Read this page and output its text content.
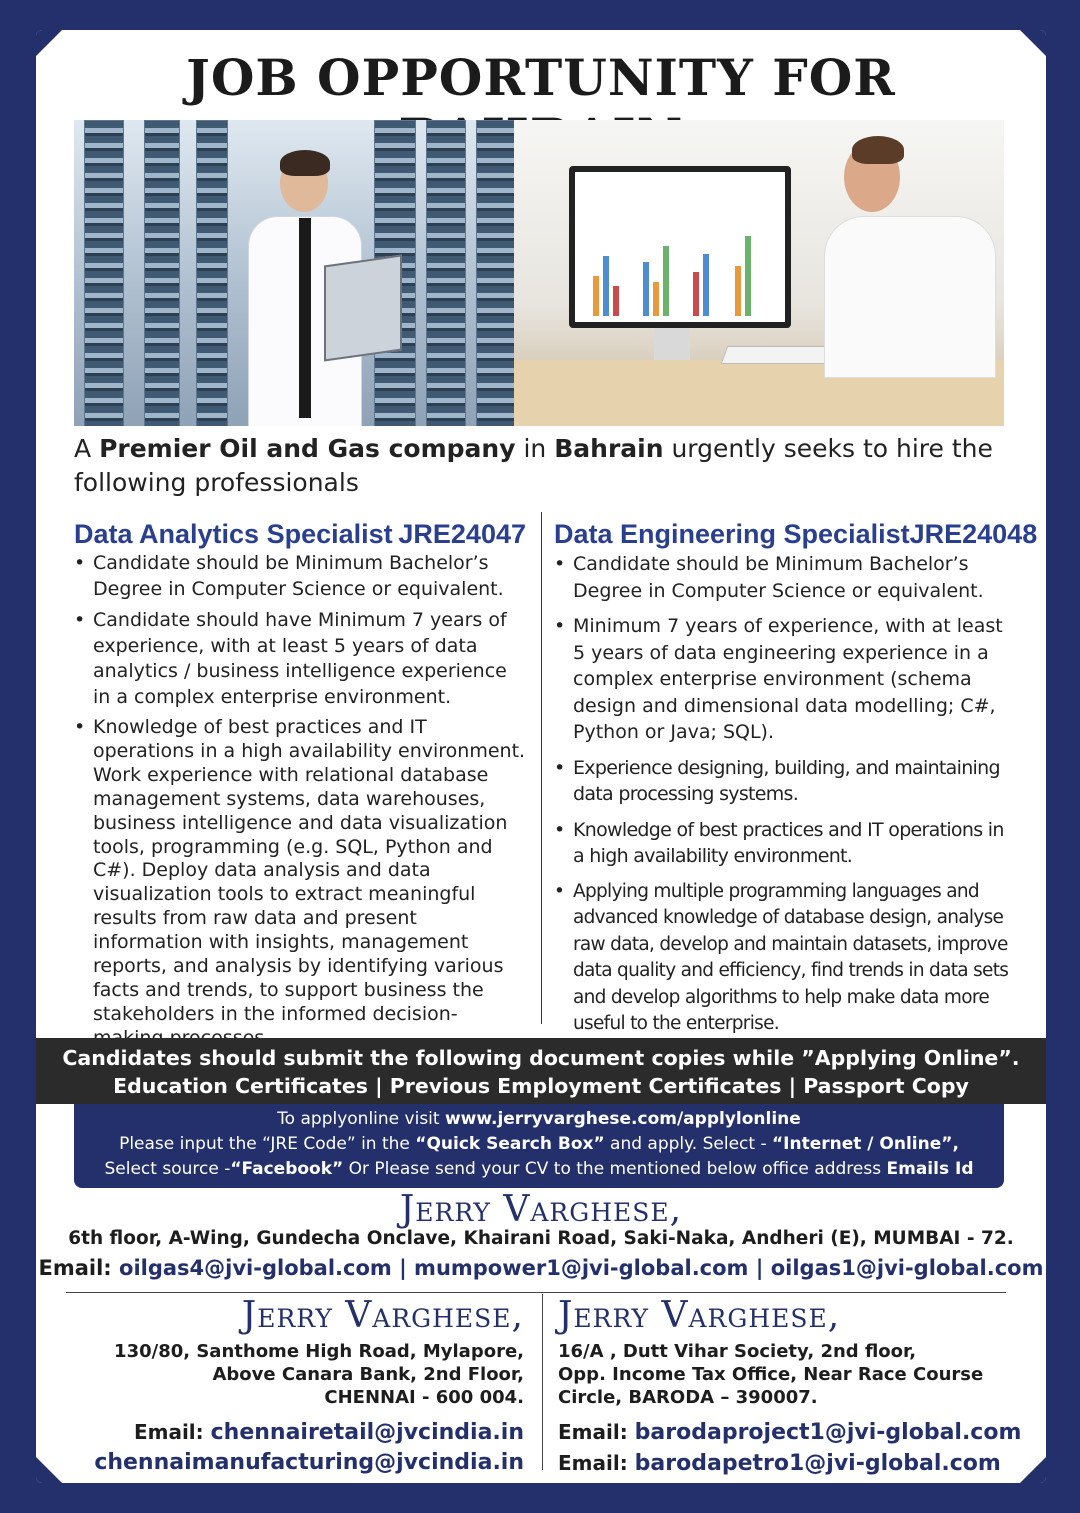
JOB OPPORTUNITY FOR
A Premier Oil and Gas company in Bahrain urgently seeks to hire the following professionals
Data Analytics Specialist JRE24047
• Candidate should be Minimum Bachelor’s Degree in Computer Science or equivalent.
• Candidate should have Minimum 7 years of experience, with at least 5 years of data analytics / business intelligence experience in a complex enterprise environment.
• Knowledge of best practices and IT operations in a high availability environment. Work experience with relational database management systems, data warehouses, business intelligence and data visualization tools, programming (e.g. SQL, Python and C#). Deploy data analysis and data visualization tools to extract meaningful results from raw data and present information with insights, management reports, and analysis by identifying various facts and trends, to support business the stakeholders in the informed decision-
Data Engineering Specialist JRE24048
• Candidate should be Minimum Bachelor’s Degree in Computer Science or equivalent.
• Minimum 7 years of experience, with at least 5 years of data engineering experience in a complex enterprise environment (schema design and dimensional data modelling; C#, Python or Java; SQL).
• Experience designing, building, and maintaining data processing systems.
• Knowledge of best practices and IT operations in a high availability environment.
• Applying multiple programming languages and advanced knowledge of database design, analyse raw data, develop and maintain datasets, improve data quality and efficiency, find trends in data sets and develop algorithms to help make data more useful to the enterprise.
Candidates should submit the following document copies while ”Applying Online”.
Education Certificates | Previous Employment Certificates | Passport Copy
To applyonline visit www.jerryvarghese.com/applylonline
Please input the “JRE Code” in the “Quick Search Box” and apply. Select - “Internet / Online”,
Select source -“Facebook” Or Please send your CV to the mentioned below office address Emails Id
Jerry Varghese,
6th floor, A-Wing, Gundecha Onclave, Khairani Road, Saki-Naka, Andheri (E), MUMBAI - 72.
Email: oilgas4@jvi-global.com | mumpower1@jvi-global.com | oilgas1@jvi-global.com
Jerry Varghese,
130/80, Santhome High Road, Mylapore,
Above Canara Bank, 2nd Floor,
CHENNAI - 600 004.
Email: chennairetail@jvcindia.in
chennaimanufacturing@jvcindia.in
Jerry Varghese,
16/A , Dutt Vihar Society, 2nd floor,
Opp. Income Tax Office, Near Race Course
Circle, BARODA – 390007.
Email: barodaproject1@jvi-global.com
Email: barodapetro1@jvi-global.com
